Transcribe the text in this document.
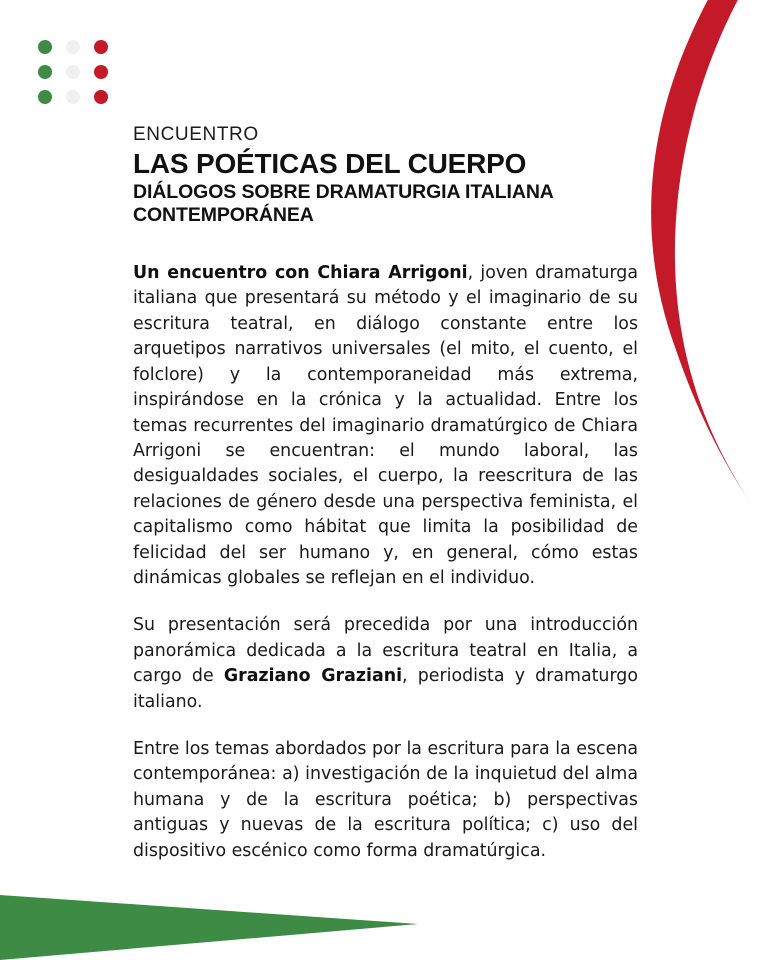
ENCUENTRO
LAS POÉTICAS DEL CUERPO
DIÁLOGOS SOBRE DRAMATURGIA ITALIANA
CONTEMPORÁNEA

Un encuentro con Chiara Arrigoni, joven dramaturga italiana que presentará su método y el imaginario de su escritura teatral, en diálogo constante entre los arquetipos narrativos universales (el mito, el cuento, el folclore) y la contemporaneidad más extrema, inspirándose en la crónica y la actualidad. Entre los temas recurrentes del imaginario dramatúrgico de Chiara Arrigoni se encuentran: el mundo laboral, las desigualdades sociales, el cuerpo, la reescritura de las relaciones de género desde una perspectiva feminista, el capitalismo como hábitat que limita la posibilidad de felicidad del ser humano y, en general, cómo estas dinámicas globales se reflejan en el individuo.

Su presentación será precedida por una introducción panorámica dedicada a la escritura teatral en Italia, a cargo de Graziano Graziani, periodista y dramaturgo italiano.

Entre los temas abordados por la escritura para la escena contemporánea: a) investigación de la inquietud del alma humana y de la escritura poética; b) perspectivas antiguas y nuevas de la escritura política; c) uso del dispositivo escénico como forma dramatúrgica.
